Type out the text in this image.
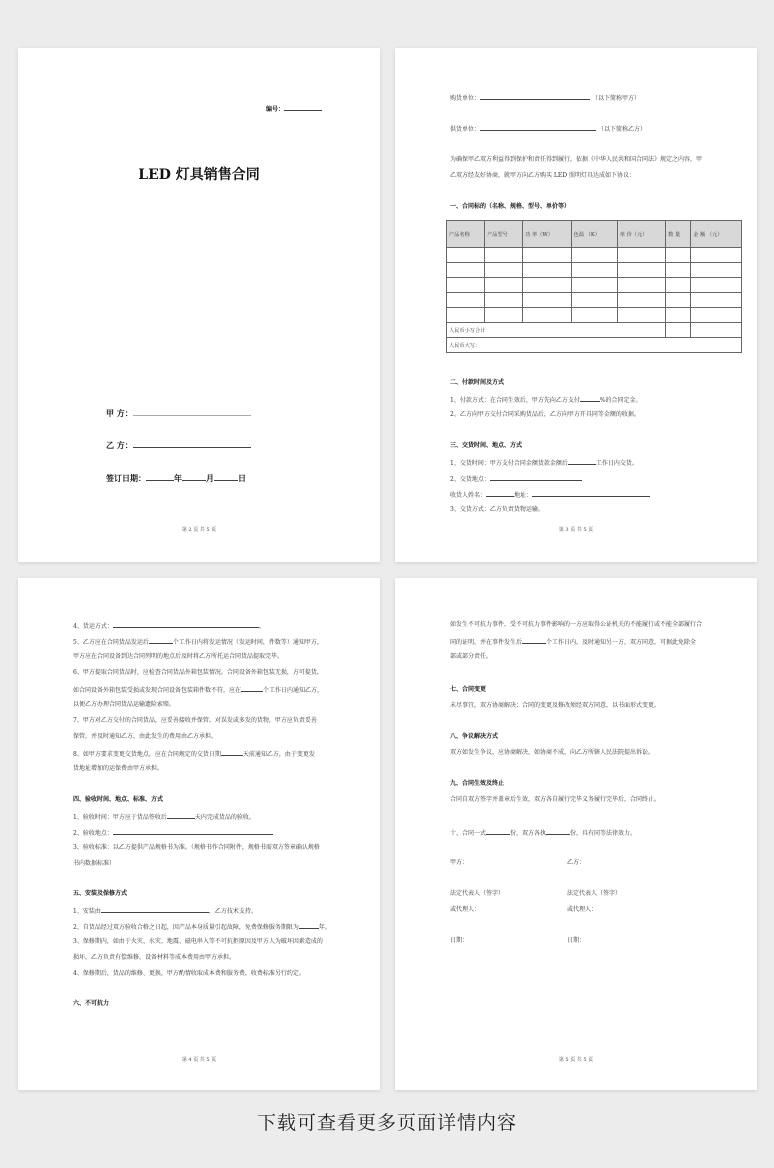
编号：
LED 灯具销售合同
甲 方：
乙 方：
签订日期：	年	月	日
第 2 页 共 5 页
购货单位：	（以下简称甲方）
供货单位：	（以下简称乙方）
为确保甲乙双方利益得到保护和责任得到履行，依据《中华人民共和国合同法》规定之内容，甲
乙双方经友好协商，就甲方向乙方购买 LED 照明灯具达成如下协议：
一、合同标的（名称、规格、型号、单价等）
产品名称	产品型号	功 率（W）	色温 （K）	单 价（元）	数 量	金 额 （元）

人民币小写合计						
人民币大写：						
二、付款时间及方式
1、付款方式：在合同生效后，甲方先向乙方支付	%的合同定金。
2、乙方向甲方交付合同采购货品后，乙方向甲方开具同等金额的收据。
三、交货时间、地点、方式
1、交货时间：甲方支付合同金额货款金额后	工作日内交货。
2、交货地点：
收货人姓名：	地址：
3、交货方式：乙方负责货物运输。
第 3 页 共 5 页
4、货运方式：	。
5、乙方应在合同货品发运后	个工作日内将发运情况（发运时间，件数等）通知甲方，
甲方应在合同设备到达合同列明的地点后及时将乙方所托运合同货品提取完毕。
6、甲方提取合同货品时，应检查合同货品外箱包装情况。合同设备外箱包装无损，方可提货，
如合同设备外箱包装受损或发现合同设备包装箱件数不符，应在	个工作日内通知乙方，
以便乙方办理合同货品运输遗险索赔。
7、甲方对乙方交付的合同货品，应妥善接收并保管。对误发或多发的货物，甲方应负责妥善
保管，并及时通知乙方，由此发生的费用由乙方承担。
8、如甲方要求变更交货地点，应在合同规定的交货日期	天前通知乙方，由于变更发
货地址增加的运保费由甲方承担。
四、验收时间、地点、标准、方式
1、验收时间：甲方应于货品签收后	天内完成货品的验收。
2、验收地点：
3、验收标准：以乙方提供产品规格书为准。（规格书作合同附件，规格书需双方签章确认规格
书内数据标准）
五、安装及保修方式
1、安装由	，乙方技术支持。
2、自货品经过双方验收合格之日起，因产品本身质量引起故障，免费保修服务期限为	年。
3、保修期内，如由于火灾、水灾、地震、磁电串入等不可抗拒原因及甲方人为破坏因素造成的
损坏，乙方负责有偿维修，设备材料等成本费用由甲方承担。
4、保修期后，货品的维修、更换，甲方酌情收取成本费和服务费，收费标准另行约定。
六、不可抗力
第 4 页 共 5 页
如发生不可抗力事件，受不可抗力事件影响的一方应取得公证机关的不能履行或不能全部履行合
同的证明，并在事件发生后	个工作日内，及时通知另一方，双方同意，可据此免除全
部或部分责任。
七、合同变更
未尽事宜，双方协商解决；合同的变更及修改须经双方同意，以书面形式变更。
八、争议解决方式
双方如发生争议，应协商解决，如协商不成，向乙方所辖人民法院提出诉讼。
九、合同生效及终止
合同自双方签字并盖章后生效，双方各自履行完毕义务履行完毕后，合同终止。
十、合同一式	份，双方各执	份，具有同等法律效力。
甲方：	乙方：
法定代表人（签字）	法定代表人（签字）
或代理人：	或代理人：
日期：	日期：
第 5 页 共 5 页
下载可查看更多页面详情内容
